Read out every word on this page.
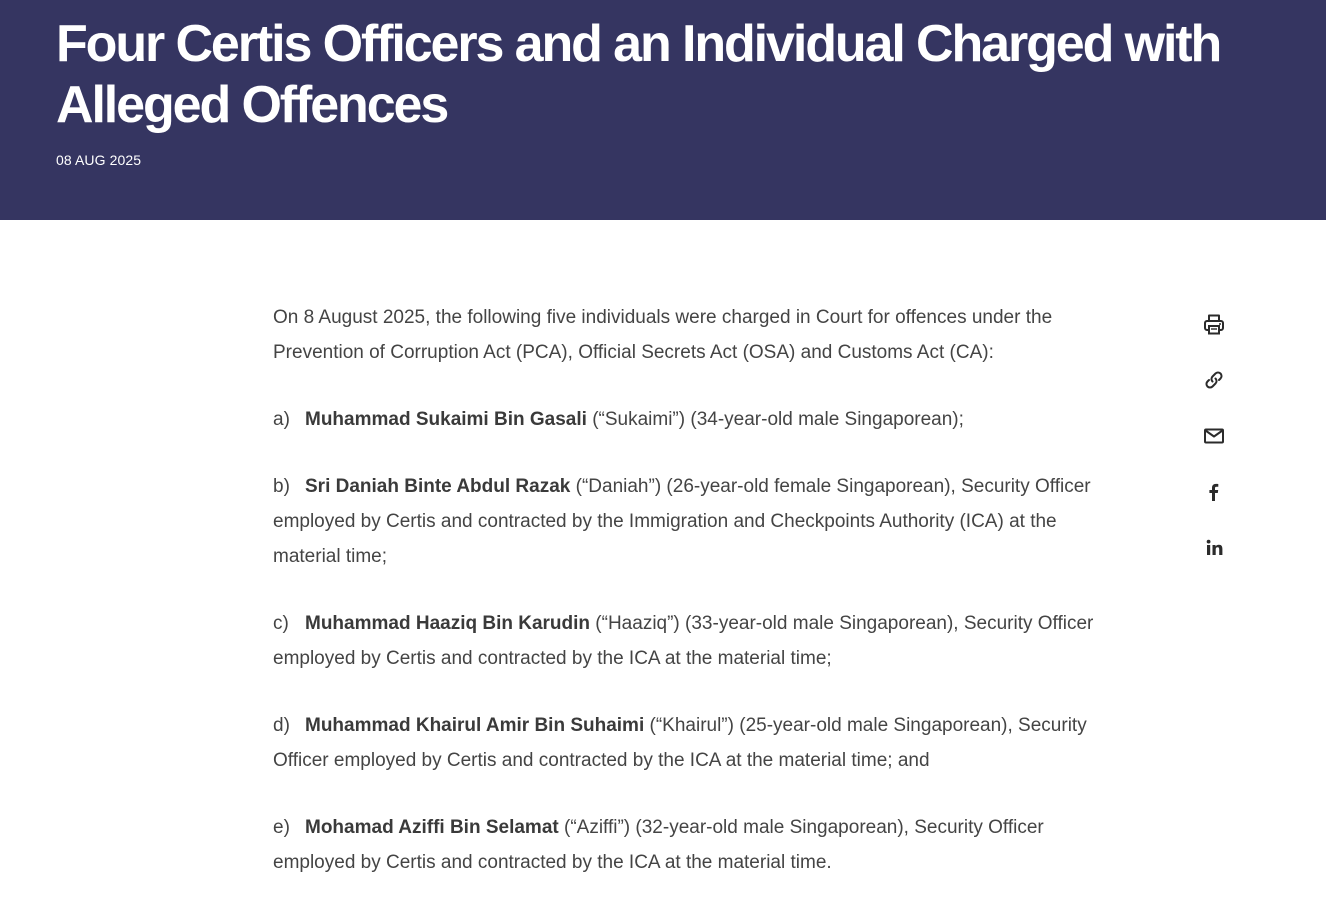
Four Certis Officers and an Individual Charged with Alleged Offences
08 AUG 2025

On 8 August 2025, the following five individuals were charged in Court for offences under the Prevention of Corruption Act (PCA), Official Secrets Act (OSA) and Customs Act (CA):

a) Muhammad Sukaimi Bin Gasali (“Sukaimi”) (34-year-old male Singaporean);

b) Sri Daniah Binte Abdul Razak (“Daniah”) (26-year-old female Singaporean), Security Officer employed by Certis and contracted by the Immigration and Checkpoints Authority (ICA) at the material time;

c) Muhammad Haaziq Bin Karudin (“Haaziq”) (33-year-old male Singaporean), Security Officer employed by Certis and contracted by the ICA at the material time;

d) Muhammad Khairul Amir Bin Suhaimi (“Khairul”) (25-year-old male Singaporean), Security Officer employed by Certis and contracted by the ICA at the material time; and

e) Mohamad Aziffi Bin Selamat (“Aziffi”) (32-year-old male Singaporean), Security Officer employed by Certis and contracted by the ICA at the material time.
